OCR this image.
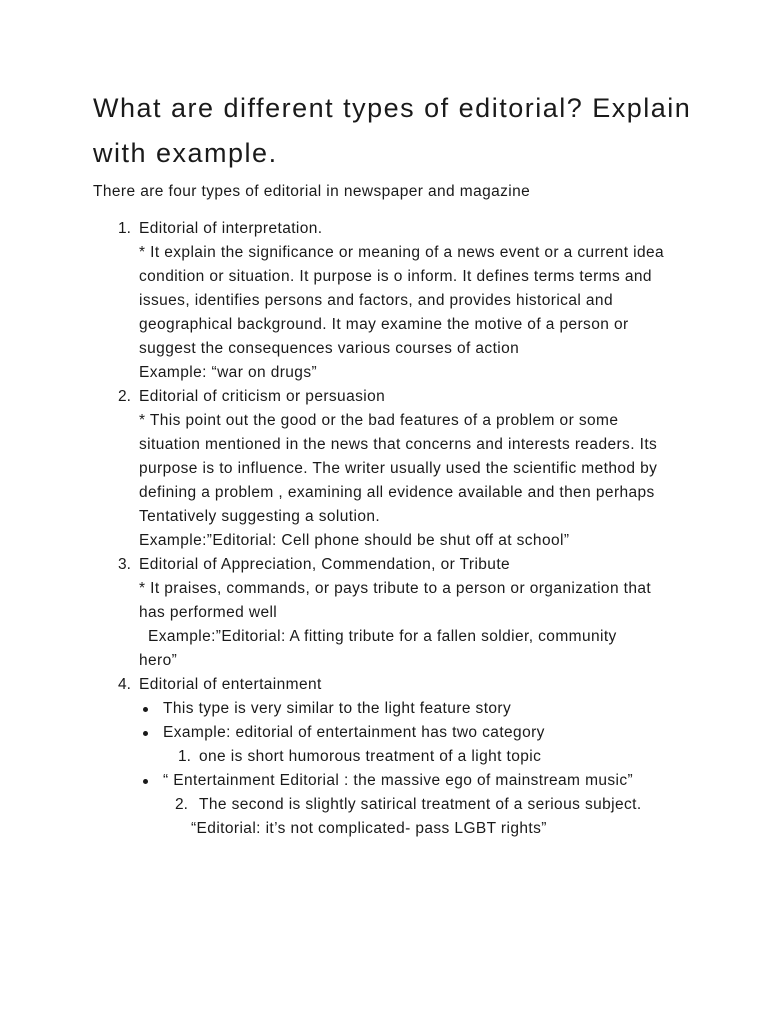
What are different types of editorial? Explain with example.
There are four types of editorial in newspaper and magazine
1. Editorial of interpretation.
* It explain the significance or meaning of a news event or a current idea
condition or situation. It purpose is o inform. It defines terms terms and
issues, identifies persons and factors, and provides historical and
geographical background. It may examine the motive of a person or
suggest the consequences various courses of action
Example: “war on drugs”
2. Editorial of criticism or persuasion
* This point out the good or the bad features of a problem or some
situation mentioned in the news that concerns and interests readers. Its
purpose is to influence. The writer usually used the scientific method by
defining a problem , examining all evidence available and then perhaps
Tentatively suggesting a solution.
Example:”Editorial: Cell phone should be shut off at school”
3. Editorial of Appreciation, Commendation, or Tribute
* It praises, commands, or pays tribute to a person or organization that
has performed well
Example:”Editorial: A fitting tribute for a fallen soldier, community
hero”
4. Editorial of entertainment
This type is very similar to the light feature story
Example: editorial of entertainment has two category
1. one is short humorous treatment of a light topic
“ Entertainment Editorial : the massive ego of mainstream music”
2. The second is slightly satirical treatment of a serious subject.
“Editorial: it’s not complicated- pass LGBT rights”
